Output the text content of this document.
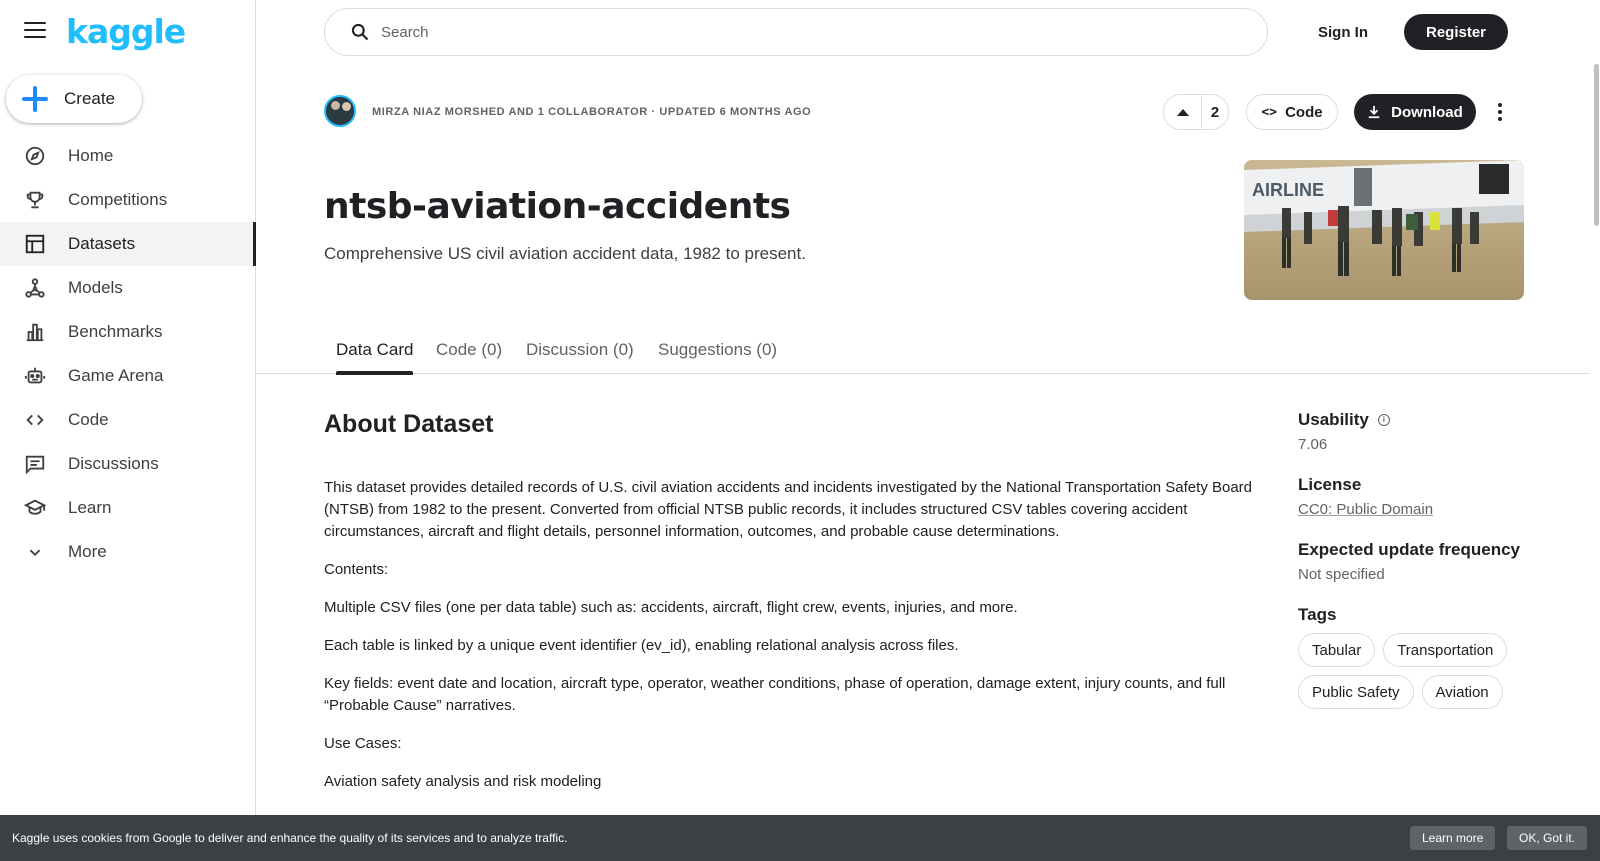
kaggle
Create
Home
Competitions
Datasets
Models
Benchmarks
Game Arena
Code
Discussions
Learn
More
Search
Sign In	Register
MIRZA NIAZ MORSHED AND 1 COLLABORATOR · UPDATED 6 MONTHS AGO	2	<> Code	Download
ntsb-aviation-accidents
Comprehensive US civil aviation accident data, 1982 to present.
AIRLINE
Data Card Code (0) Discussion (0) Suggestions (0)
About Dataset

This dataset provides detailed records of U.S. civil aviation accidents and incidents investigated by the National Transportation Safety Board (NTSB) from 1982 to the present. Converted from official NTSB public records, it includes structured CSV tables covering accident circumstances, aircraft and flight details, personnel information, outcomes, and probable cause determinations.

Contents:

Multiple CSV files (one per data table) such as: accidents, aircraft, flight crew, events, injuries, and more.

Each table is linked by a unique event identifier (ev_id), enabling relational analysis across files.

Key fields: event date and location, aircraft type, operator, weather conditions, phase of operation, damage extent, injury counts, and full “Probable Cause” narratives.

Use Cases:

Aviation safety analysis and risk modeling

Usability	i
7.06
License
CC0: Public Domain
Expected update frequency
Not specified
Tags
Tabular	Transportation
Public Safety	Aviation
Kaggle uses cookies from Google to deliver and enhance the quality of its services and to analyze traffic.	Learn more	OK, Got it.
